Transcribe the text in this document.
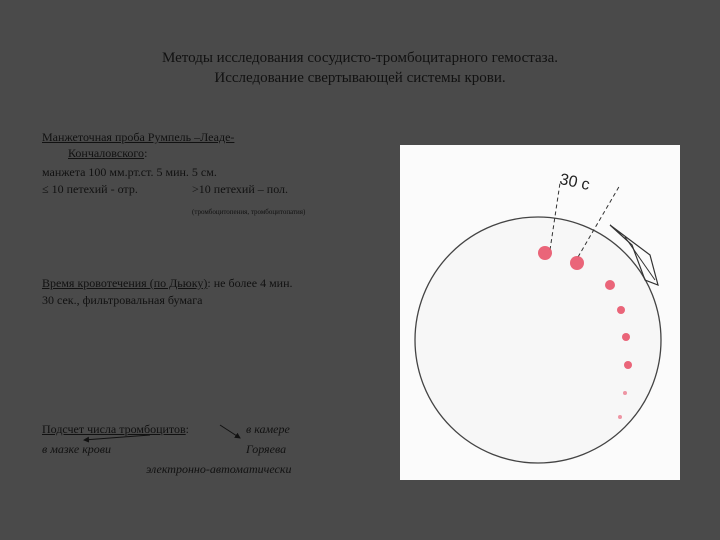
Методы исследования сосудисто-тромбоцитарного гемостаза.
Исследование свертывающей системы крови.
Манжеточная проба Румпель –Леаде-
Кончаловского:
манжета 100 мм.рт.ст. 5 мин. 5 см.
≤ 10 петехий - отр.	>10 петехий – пол.
(тромбоцитопения, тромбоцитопатия)
Время кровотечения (по Дьюку): не более 4 мин.
30 сек., фильтровальная бумага
Подсчет числа тромбоцитов:	в камере
в мазке крови	Горяева
электронно-автоматически
30 с
